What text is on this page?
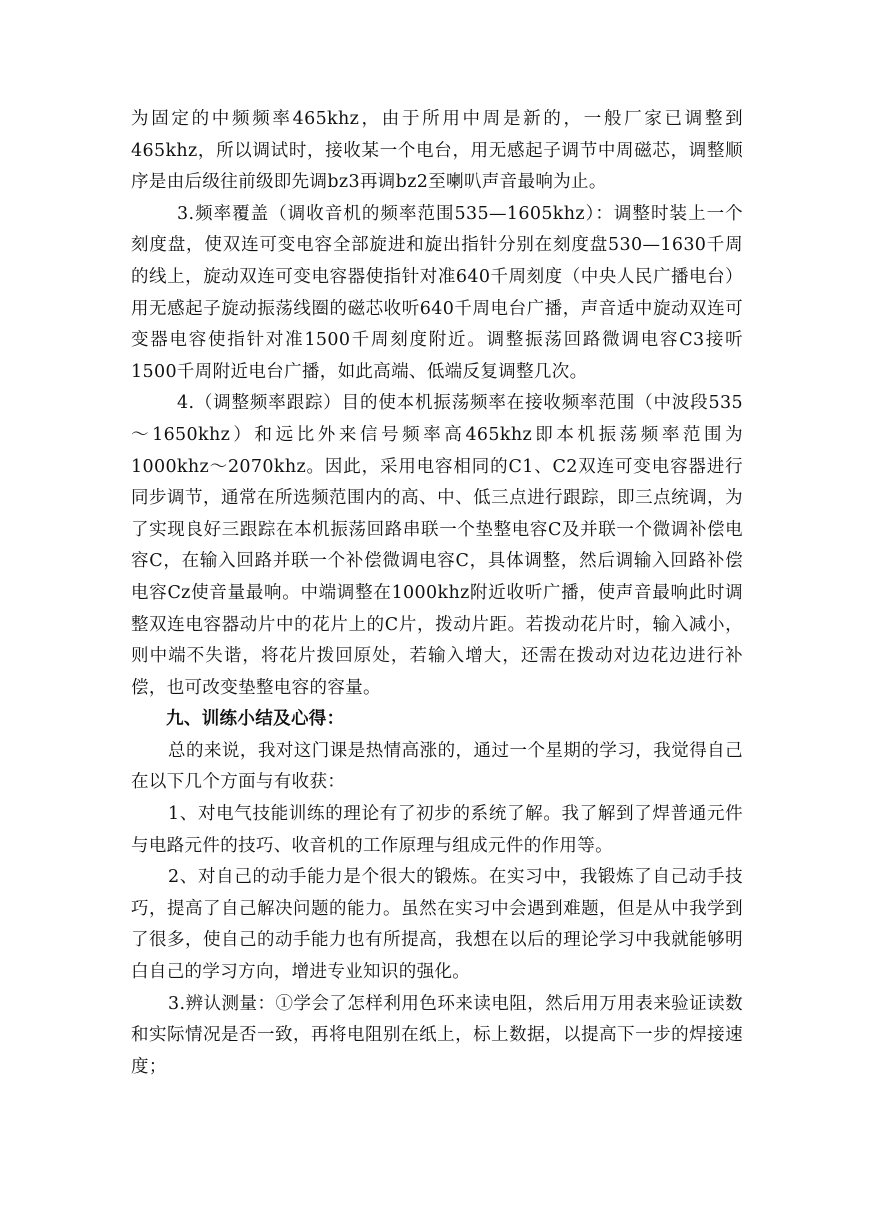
为固定的中频频率465khz，由于所用中周是新的，一般厂家已调整到465khz，所以调试时，接收某一个电台，用无感起子调节中周磁芯，调整顺序是由后级往前级即先调bz3再调bz2至喇叭声音最响为止。

3.频率覆盖（调收音机的频率范围535—1605khz）：调整时装上一个刻度盘，使双连可变电容全部旋进和旋出指针分别在刻度盘530—1630千周的线上，旋动双连可变电容器使指针对准640千周刻度（中央人民广播电台）用无感起子旋动振荡线圈的磁芯收听640千周电台广播，声音适中旋动双连可变器电容使指针对准1500千周刻度附近。调整振荡回路微调电容C3接听1500千周附近电台广播，如此高端、低端反复调整几次。

4.（调整频率跟踪）目的使本机振荡频率在接收频率范围（中波段535～1650khz）和远比外来信号频率高465khz即本机振荡频率范围为1000khz～2070khz。因此，采用电容相同的C1、C2双连可变电容器进行同步调节，通常在所选频范围内的高、中、低三点进行跟踪，即三点统调，为了实现良好三跟踪在本机振荡回路串联一个垫整电容C及并联一个微调补偿电容C，在输入回路并联一个补偿微调电容C，具体调整，然后调输入回路补偿电容Cz使音量最响。中端调整在1000khz附近收听广播，使声音最响此时调整双连电容器动片中的花片上的C片，拨动片距。若拨动花片时，输入减小，则中端不失谐，将花片拨回原处，若输入增大，还需在拨动对边花边进行补偿，也可改变垫整电容的容量。

九、训练小结及心得：

总的来说，我对这门课是热情高涨的，通过一个星期的学习，我觉得自己在以下几个方面与有收获：

1、对电气技能训练的理论有了初步的系统了解。我了解到了焊普通元件与电路元件的技巧、收音机的工作原理与组成元件的作用等。

2、对自己的动手能力是个很大的锻炼。在实习中，我锻炼了自己动手技巧，提高了自己解决问题的能力。虽然在实习中会遇到难题，但是从中我学到了很多，使自己的动手能力也有所提高，我想在以后的理论学习中我就能够明白自己的学习方向，增进专业知识的强化。

3.辨认测量：①学会了怎样利用色环来读电阻，然后用万用表来验证读数和实际情况是否一致，再将电阻别在纸上，标上数据，以提高下一步的焊接速度；
